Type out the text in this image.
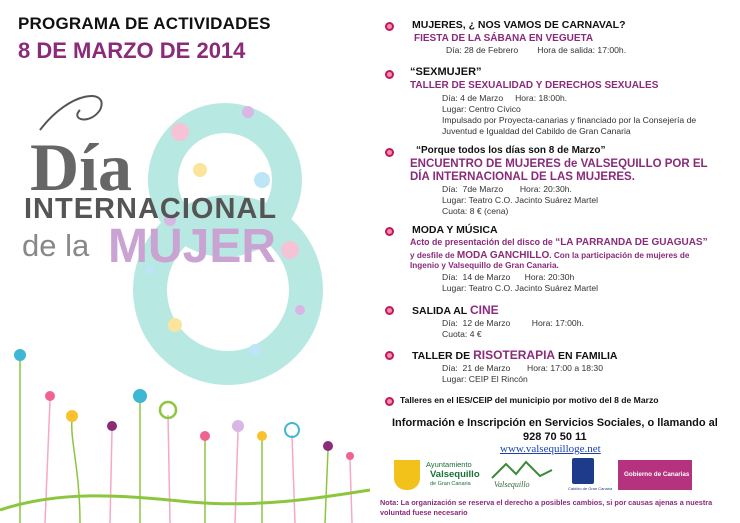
PROGRAMA DE ACTIVIDADES
8 DE MARZO DE 2014
Día
INTERNACIONAL
de la MUJER
MUJERES, ¿ NOS VAMOS DE CARNAVAL?
FIESTA DE LA SÁBANA EN VEGUETA
Día: 28 de Febrero        Hora de salida: 17:00h.
“SEXMUJER”
TALLER DE SEXUALIDAD Y DERECHOS SEXUALES
Día: 4 de Marzo     Hora: 18:00h.
Lugar: Centro Cívico
Impulsado por Proyecta-canarias y financiado por la Consejería de
Juventud e Igualdad del Cabildo de Gran Canaria
“Porque todos los días son 8 de Marzo”
ENCUENTRO DE MUJERES de VALSEQUILLO POR EL
DÍA INTERNACIONAL DE LAS MUJERES.
Día:  7de Marzo       Hora: 20:30h.
Lugar: Teatro C.O. Jacinto Suárez Martel
Cuota: 8 € (cena)
MODA Y MÚSICA
Acto de presentación del disco de “LA PARRANDA DE GUAGUAS”
y desfile de MODA GANCHILLO. Con la participación de mujeres de
Ingenio y Valsequillo de Gran Canaria.
Día:  14 de Marzo      Hora: 20:30h
Lugar: Teatro C.O. Jacinto Suárez Martel
SALIDA AL CINE
Día:  12 de Marzo         Hora: 17:00h.
Cuota: 4 €
TALLER DE RISOTERAPIA EN FAMILIA
Día:  21 de Marzo       Hora: 17:00 a 18:30
Lugar: CEIP El Rincón
Talleres en el IES/CEIP del municipio por motivo del 8 de Marzo
Información e Inscripción en Servicios Sociales, o llamando al
928 70 50 11
www.valsequilloge.net
Ayuntamiento
Valsequillo
de Gran Canaria	Valsequillo	Cabildo de Gran Canaria
Gobierno de Canarias
Nota: La organización se reserva el derecho a posibles cambios, si por causas ajenas a nuestra
voluntad fuese necesario
